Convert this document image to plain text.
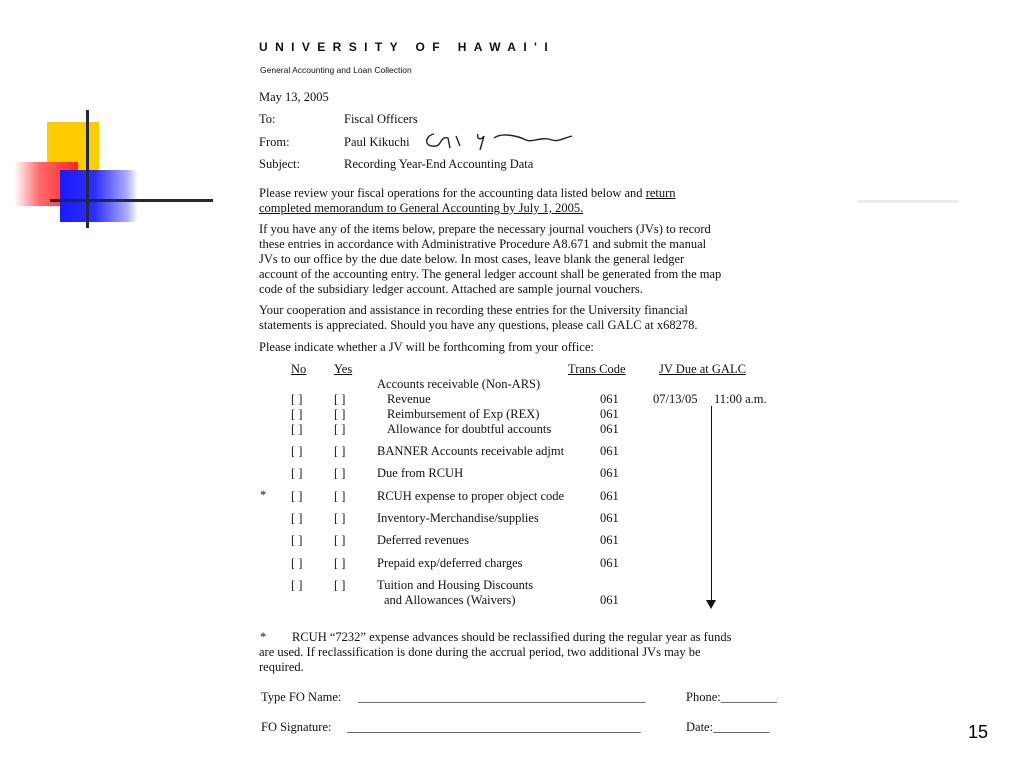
UNIVERSITY OF HAWAI'I
General Accounting and Loan Collection
May 13, 2005
To:	Fiscal Officers
From:	Paul Kikuchi
Subject:	Recording Year-End Accounting Data
Please review your fiscal operations for the accounting data listed below and return
completed memorandum to General Accounting by July 1, 2005.
If you have any of the items below, prepare the necessary journal vouchers (JVs) to record
these entries in accordance with Administrative Procedure A8.671 and submit the manual
JVs to our office by the due date below. In most cases, leave blank the general ledger
account of the accounting entry. The general ledger account shall be generated from the map
code of the subsidiary ledger account. Attached are sample journal vouchers.
Your cooperation and assistance in recording these entries for the University financial
statements is appreciated. Should you have any questions, please call GALC at x68278.
Please indicate whether a JV will be forthcoming from your office:
No Yes	Trans Code	JV Due at GALC
Accounts receivable (Non-ARS)
[ ]	[ ]	Revenue	061	07/13/05 11:00 a.m.
[ ]	[ ]	Reimbursement of Exp (REX)	061
[ ]	[ ]	Allowance for doubtful accounts	061
[ ]	[ ]	BANNER Accounts receivable adjmt	061
[ ]	[ ]	Due from RCUH	061
* [ ]	[ ]	RCUH expense to proper object code	061
[ ]	[ ]	Inventory-Merchandise/supplies	061
[ ]	[ ]	Deferred revenues	061
[ ]	[ ]	Prepaid exp/deferred charges	061
[ ]	[ ]	Tuition and Housing Discounts
and Allowances (Waivers)	061
* RCUH “7232” expense advances should be reclassified during the regular year as funds
are used. If reclassification is done during the accrual period, two additional JVs may be
required.
Type FO Name: ______________________________________________	Phone:_________
FO Signature: _______________________________________________	Date:_________	15
